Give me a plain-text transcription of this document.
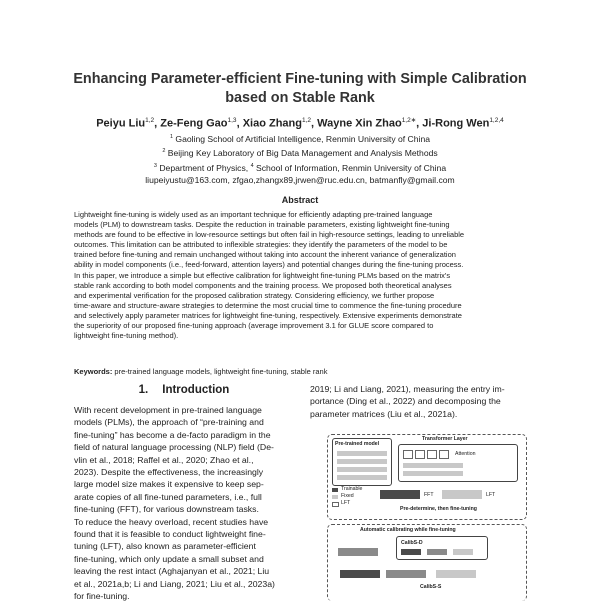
Enhancing Parameter-efficient Fine-tuning with Simple Calibration
based on Stable Rank
Peiyu Liu$^{1,2}$, Ze-Feng Gao$^{1,3}$, Xiao Zhang$^{1,2}$, Wayne Xin Zhao$^{1,2∗}$, Ji-Rong Wen$^{1,2,4}$
$^1$ Gaoling School of Artificial Intelligence, Renmin University of China
$^2$ Beijing Key Laboratory of Big Data Management and Analysis Methods
$^3$ Department of Physics, $^4$ School of Information, Renmin University of China
liupeiyustu@163.com, zfgao,zhangx89,jrwen@ruc.edu.cn, batmanfly@gmail.com
Abstract
Lightweight fine-tuning is widely used as an important technique for efficiently adapting pre-trained language
models (PLM) to downstream tasks. Despite the reduction in trainable parameters, existing lightweight fine-tuning
methods are found to be effective in low-resource settings but often fail in high-resource settings, leading to unreliable
outcomes. This limitation can be attributed to inflexible strategies: they identify the parameters of the model to be
trained before fine-tuning and remain unchanged without taking into account the inherent variance of generalization
ability in model components (i.e., feed-forward, attention layers) and potential changes during the fine-tuning process.
In this paper, we introduce a simple but effective calibration for lightweight fine-tuning PLMs based on the matrix's
stable rank according to both model components and the training process. We proposed both theoretical analyses
and experimental verification for the proposed calibration strategy. Considering efficiency, we further propose
time-aware and structure-aware strategies to determine the most crucial time to commence the fine-tuning procedure
and selectively apply parameter matrices for lightweight fine-tuning, respectively. Extensive experiments demonstrate
the superiority of our proposed fine-tuning approach (average improvement 3.1 for GLUE score compared to
lightweight fine-tuning method).
Keywords: pre-trained language models, lightweight fine-tuning, stable rank
1. Introduction
With recent development in pre-trained language
models (PLMs), the approach of “pre-training and
fine-tuning” has become a de-facto paradigm in the
field of natural language processing (NLP) field (De-
vlin et al., 2018; Raffel et al., 2020; Zhao et al.,
2023). Despite the effectiveness, the increasingly
large model size makes it expensive to keep sep-
arate copies of all fine-tuned parameters, i.e., full
fine-tuning (FFT), for various downstream tasks.
To reduce the heavy overload, recent studies have
found that it is feasible to conduct lightweight fine-
tuning (LFT), also known as parameter-efficient
fine-tuning, which only update a small subset and
leaving the rest intact (Aghajanyan et al., 2021; Liu
et al., 2021a,b; Li and Liang, 2021; Liu et al., 2023a)
for fine-tuning.
2019; Li and Liang, 2021), measuring the entry im-
portance (Ding et al., 2022) and decomposing the
parameter matrices (Liu et al., 2021a).
Pre-trained model
Transformer Layer
Attention
Trainable
Fixed
LFT
FFT	LFT
Pre-determine, then fine-tuning
Automatic calibrating while fine-tuning
CalibS-D
CalibS-S
